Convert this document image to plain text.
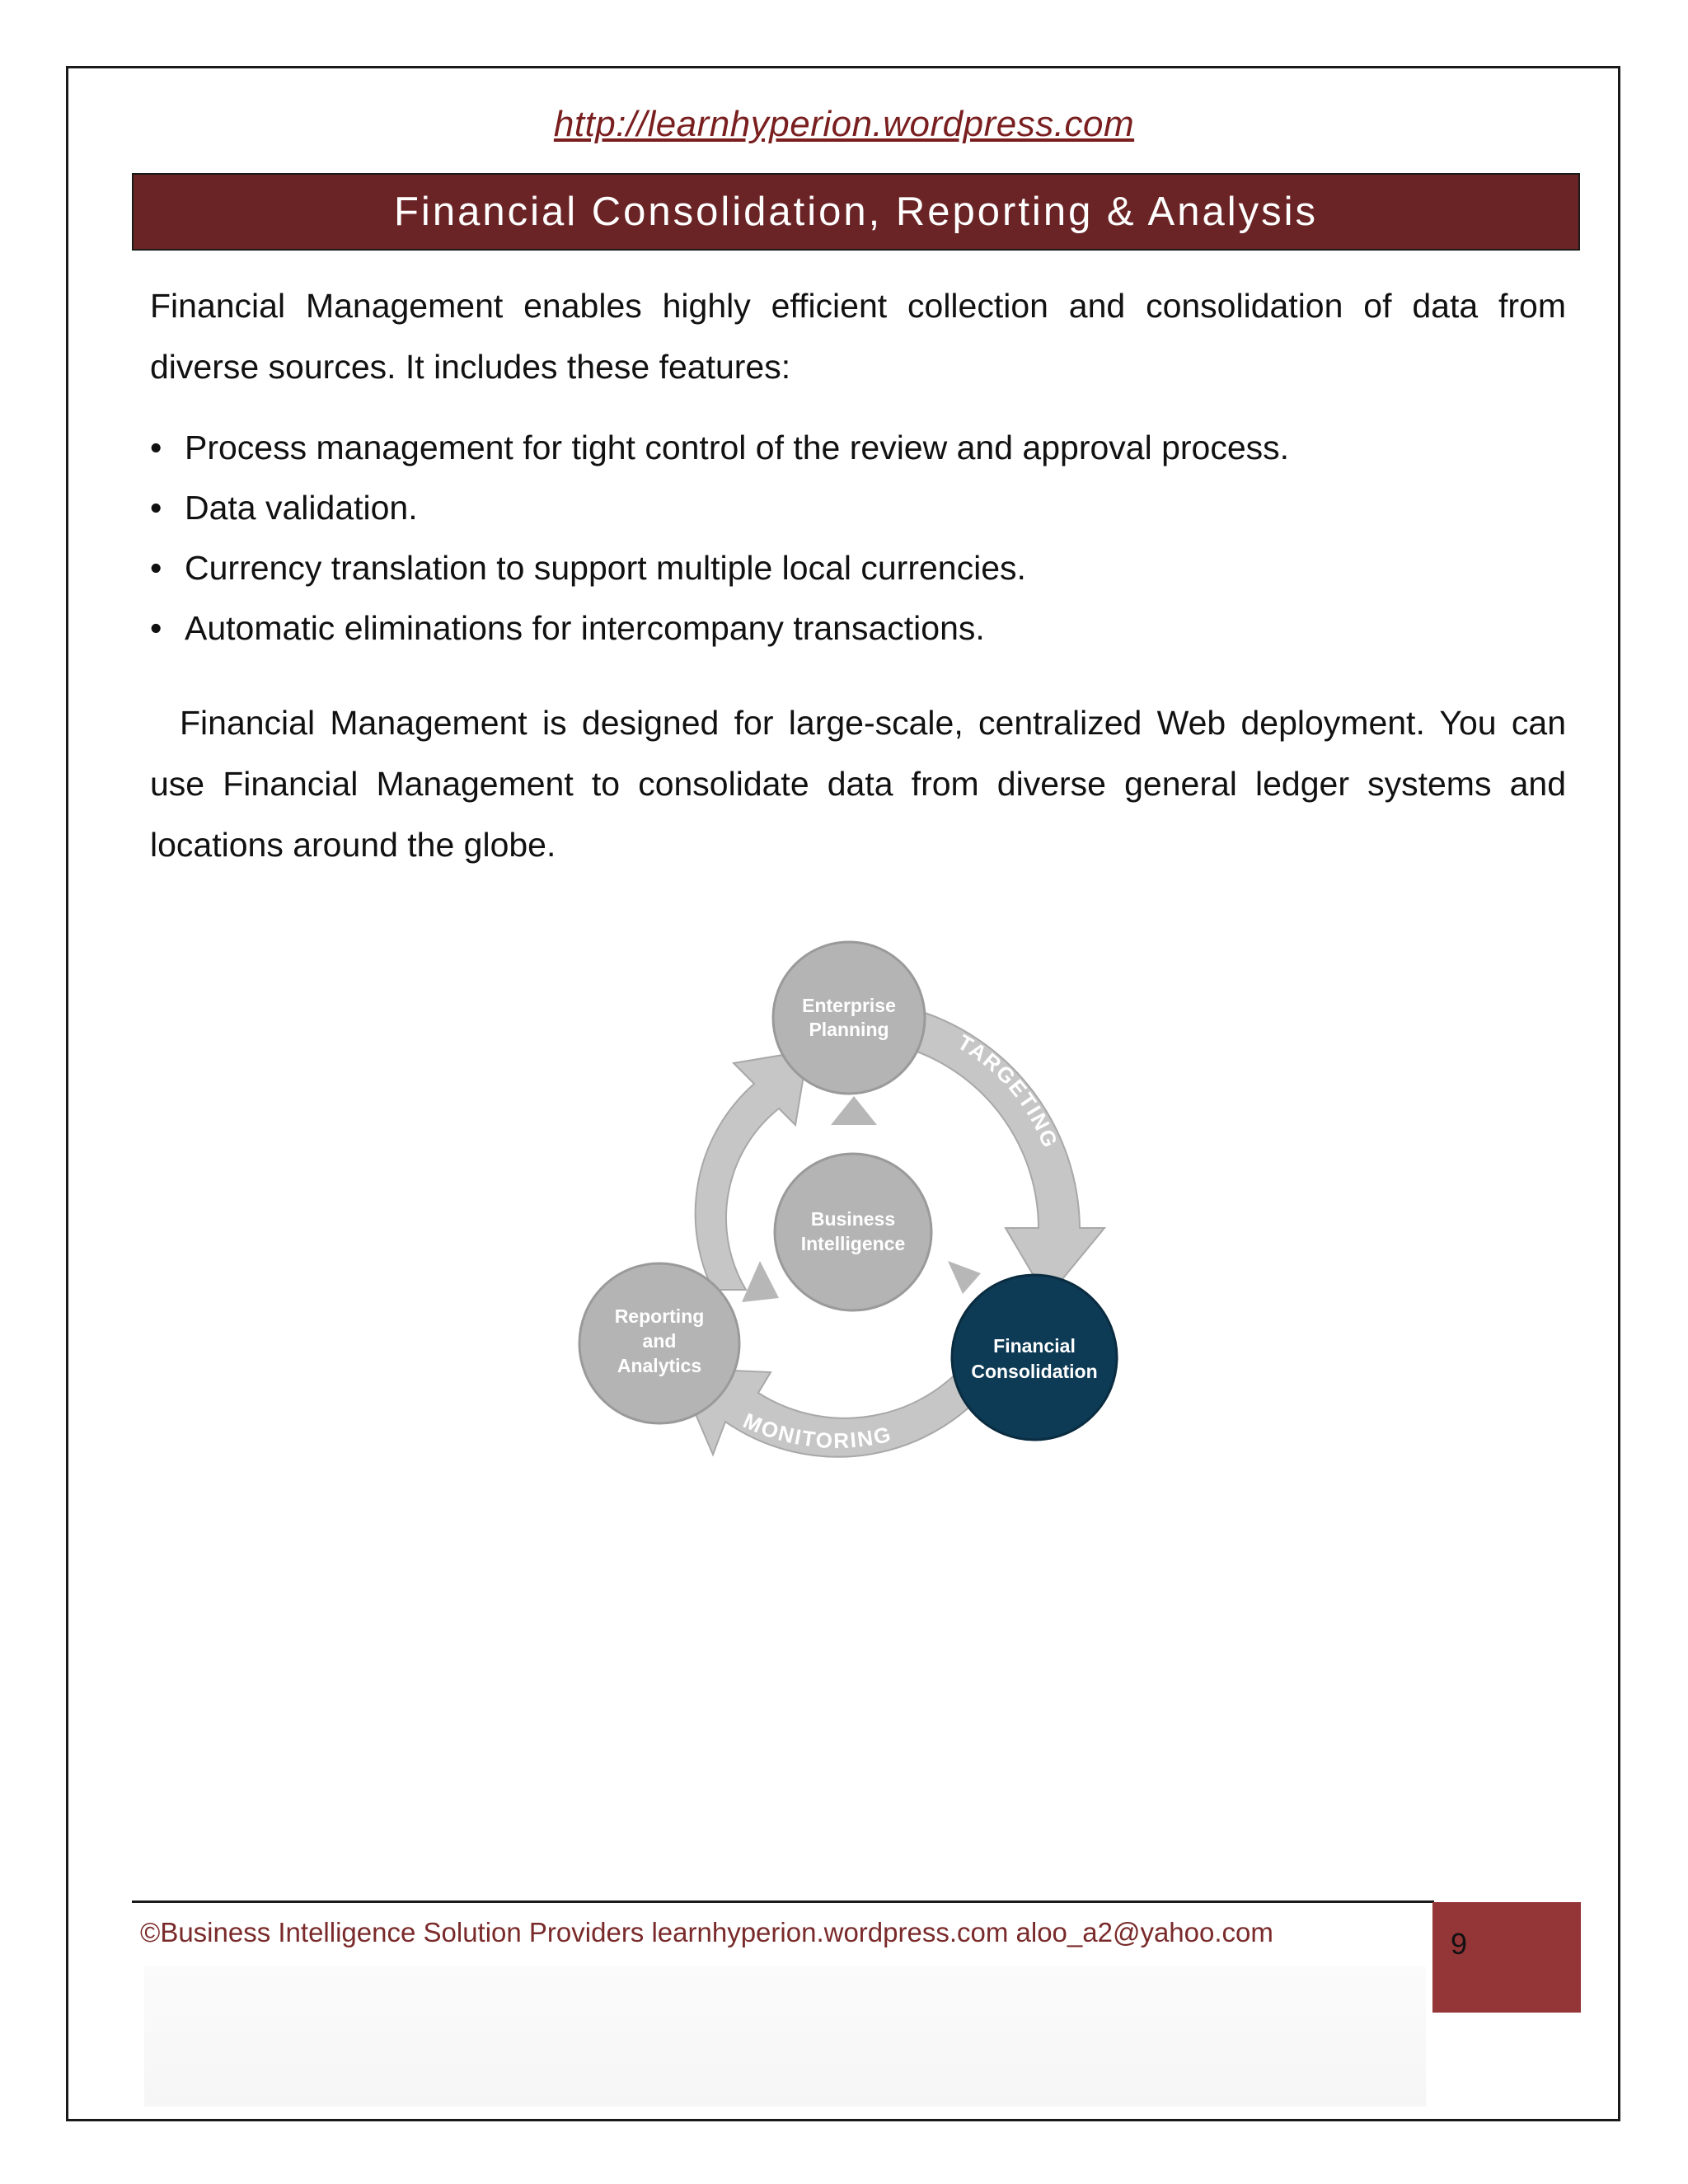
http://learnhyperion.wordpress.com
Financial Consolidation, Reporting & Analysis
Financial Management enables highly efficient collection and consolidation of data from diverse sources. It includes these features:
• Process management for tight control of the review and approval process.
• Data validation.
• Currency translation to support multiple local currencies.
• Automatic eliminations for intercompany transactions.
Financial Management is designed for large-scale, centralized Web deployment. You can use Financial Management to consolidate data from diverse general ledger systems and locations around the globe.
IMPROVING
TARGETING
MONITORING
Enterprise
Planning
Business
Intelligence
Reporting
and
Analytics
Financial
Consolidation
©Business Intelligence Solution Providers learnhyperion.wordpress.com aloo_a2@yahoo.com	9
